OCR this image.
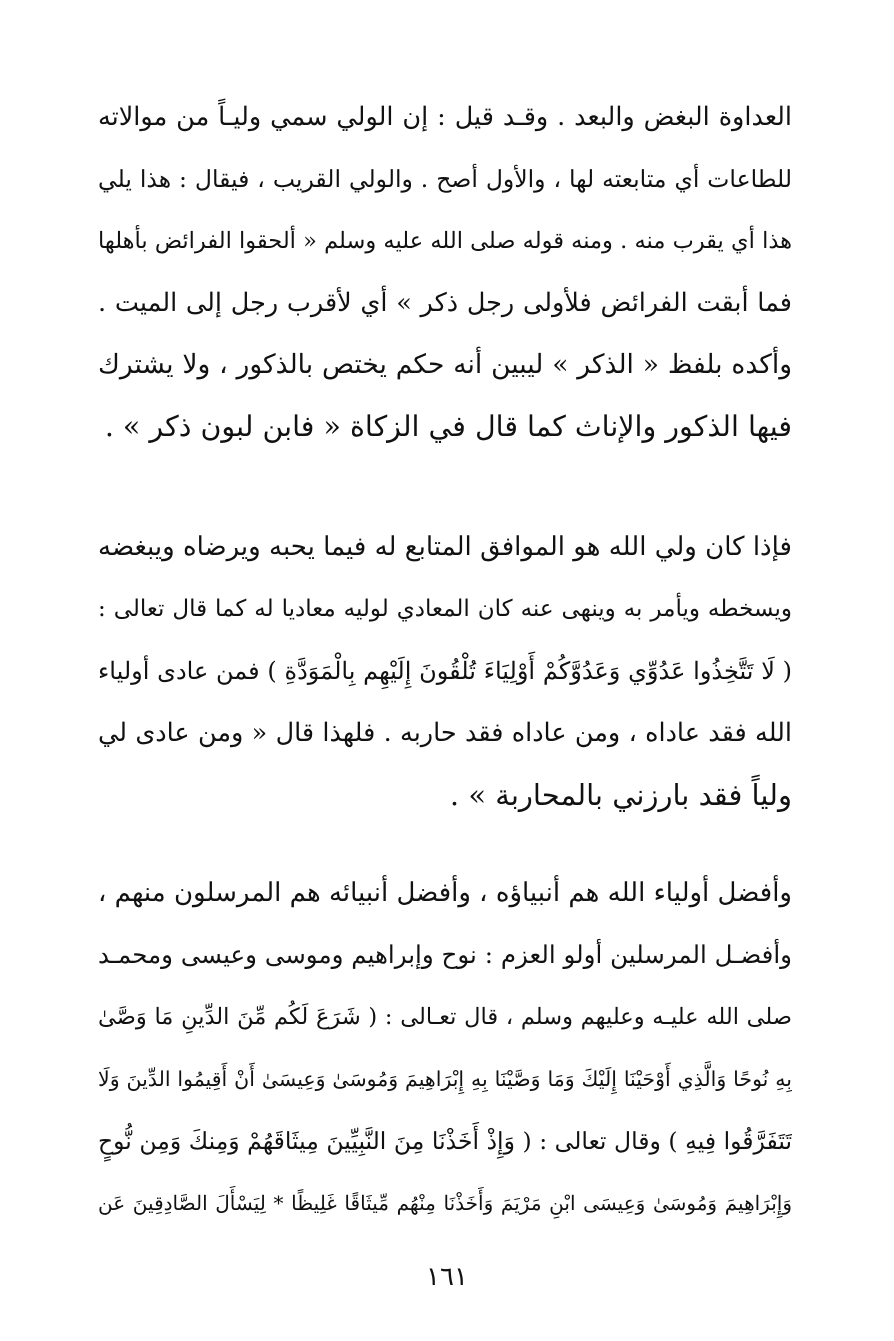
العداوة البغض والبعد . وقـد قيل : إن الولي سمي وليـاً من موالاته
للطاعات أي متابعته لها ، والأول أصح . والولي القريب ، فيقال : هذا يلي
هذا أي يقرب منه . ومنه قوله صلى الله عليه وسلم « ألحقوا الفرائض بأهلها
فما أبقت الفرائض فلأولى رجل ذكر » أي لأقرب رجل إلى الميت .
وأكده بلفظ « الذكر » ليبين أنه حكم يختص بالذكور ، ولا يشترك
فيها الذكور والإناث كما قال في الزكاة « فابن لبون ذكر » .
فإذا كان ولي الله هو الموافق المتابع له فيما يحبه ويرضاه ويبغضه
ويسخطه ويأمر به وينهى عنه كان المعادي لوليه معاديا له كما قال تعالى :
( لَا تَتَّخِذُوا عَدُوِّي وَعَدُوَّكُمْ أَوْلِيَاءَ تُلْقُونَ إِلَيْهِم بِالْمَوَدَّةِ ) فمن عادى أولياء
الله فقد عاداه ، ومن عاداه فقد حاربه . فلهذا قال « ومن عادى لي
ولياً فقد بارزني بالمحاربة » .
وأفضل أولياء الله هم أنبياؤه ، وأفضل أنبيائه هم المرسلون منهم ،
وأفضـل المرسلين أولو العزم : نوح وإبراهيم وموسى وعيسى ومحمـد
صلى الله عليـه وعليهم وسلم ، قال تعـالى : ( شَرَعَ لَكُم مِّنَ الدِّينِ مَا وَصَّىٰ
بِهِ نُوحًا وَالَّذِي أَوْحَيْنَا إِلَيْكَ وَمَا وَصَّيْنَا بِهِ إِبْرَاهِيمَ وَمُوسَىٰ وَعِيسَىٰ أَنْ أَقِيمُوا الدِّينَ وَلَا
تَتَفَرَّقُوا فِيهِ ) وقال تعالى : ( وَإِذْ أَخَذْنَا مِنَ النَّبِيِّينَ مِيثَاقَهُمْ وَمِنكَ وَمِن نُّوحٍ
وَإِبْرَاهِيمَ وَمُوسَىٰ وَعِيسَى ابْنِ مَرْيَمَ وَأَخَذْنَا مِنْهُم مِّيثَاقًا غَلِيظًا * لِيَسْأَلَ الصَّادِقِينَ عَن
١٦١
